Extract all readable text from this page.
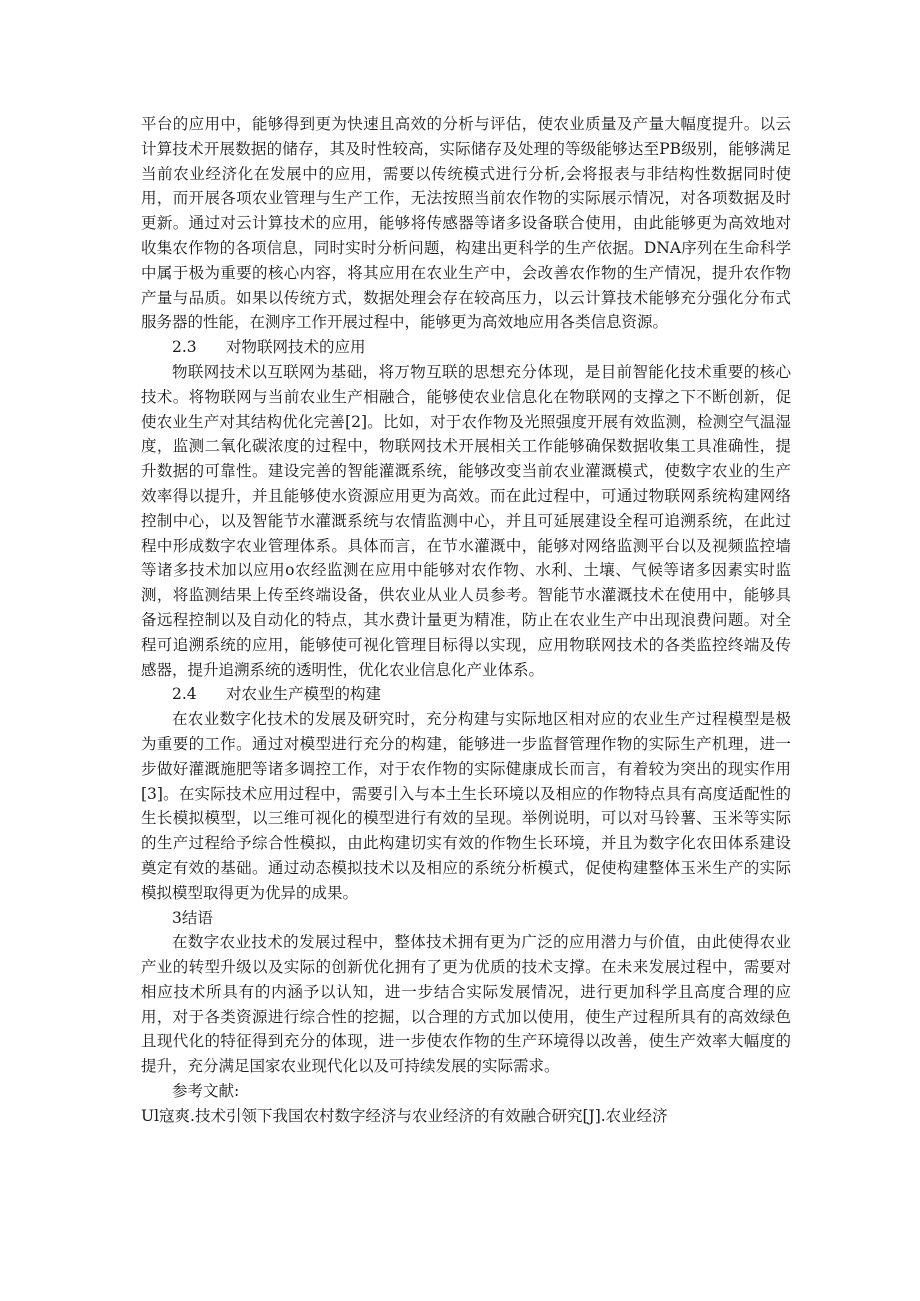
平台的应用中，能够得到更为快速且高效的分析与评估，使农业质量及产量大幅度提升。以云计算技术开展数据的储存，其及时性较高，实际储存及处理的等级能够达至PB级别，能够满足当前农业经济化在发展中的应用，需要以传统模式进行分析,会将报表与非结构性数据同时使用，而开展各项农业管理与生产工作，无法按照当前农作物的实际展示情况，对各项数据及时更新。通过对云计算技术的应用，能够将传感器等诸多设备联合使用，由此能够更为高效地对收集农作物的各项信息，同时实时分析问题，构建出更科学的生产依据。DNA序列在生命科学中属于极为重要的核心内容，将其应用在农业生产中，会改善农作物的生产情况，提升农作物产量与品质。如果以传统方式，数据处理会存在较高压力，以云计算技术能够充分强化分布式服务器的性能，在测序工作开展过程中，能够更为高效地应用各类信息资源。

2.3 对物联网技术的应用

物联网技术以互联网为基础，将万物互联的思想充分体现，是目前智能化技术重要的核心技术。将物联网与当前农业生产相融合，能够使农业信息化在物联网的支撑之下不断创新，促使农业生产对其结构优化完善[2]。比如，对于农作物及光照强度开展有效监测，检测空气温湿度，监测二氧化碳浓度的过程中，物联网技术开展相关工作能够确保数据收集工具准确性，提升数据的可靠性。建设完善的智能灌溉系统，能够改变当前农业灌溉模式，使数字农业的生产效率得以提升，并且能够使水资源应用更为高效。而在此过程中，可通过物联网系统构建网络控制中心，以及智能节水灌溉系统与农情监测中心，并且可延展建设全程可追溯系统，在此过程中形成数字农业管理体系。具体而言，在节水灌溉中，能够对网络监测平台以及视频监控墙等诸多技术加以应用o农经监测在应用中能够对农作物、水利、土壤、气候等诸多因素实时监测，将监测结果上传至终端设备，供农业从业人员参考。智能节水灌溉技术在使用中，能够具备远程控制以及自动化的特点，其水费计量更为精准，防止在农业生产中出现浪费问题。对全程可追溯系统的应用，能够使可视化管理目标得以实现，应用物联网技术的各类监控终端及传感器，提升追溯系统的透明性，优化农业信息化产业体系。

2.4 对农业生产模型的构建

在农业数字化技术的发展及研究时，充分构建与实际地区相对应的农业生产过程模型是极为重要的工作。通过对模型进行充分的构建，能够进一步监督管理作物的实际生产机理，进一步做好灌溉施肥等诸多调控工作，对于农作物的实际健康成长而言，有着较为突出的现实作用[3]。在实际技术应用过程中，需要引入与本土生长环境以及相应的作物特点具有高度适配性的生长模拟模型，以三维可视化的模型进行有效的呈现。举例说明，可以对马铃薯、玉米等实际的生产过程给予综合性模拟，由此构建切实有效的作物生长环境，并且为数字化农田体系建设奠定有效的基础。通过动态模拟技术以及相应的系统分析模式，促使构建整体玉米生产的实际模拟模型取得更为优异的成果。

3结语

在数字农业技术的发展过程中，整体技术拥有更为广泛的应用潜力与价值，由此使得农业产业的转型升级以及实际的创新优化拥有了更为优质的技术支撑。在未来发展过程中，需要对相应技术所具有的内涵予以认知，进一步结合实际发展情况，进行更加科学且高度合理的应用，对于各类资源进行综合性的挖掘，以合理的方式加以使用，使生产过程所具有的高效绿色且现代化的特征得到充分的体现，进一步使农作物的生产环境得以改善，使生产效率大幅度的提升，充分满足国家农业现代化以及可持续发展的实际需求。

参考文献:

Ul寇爽.技术引领下我国农村数字经济与农业经济的有效融合研究[J].农业经济
